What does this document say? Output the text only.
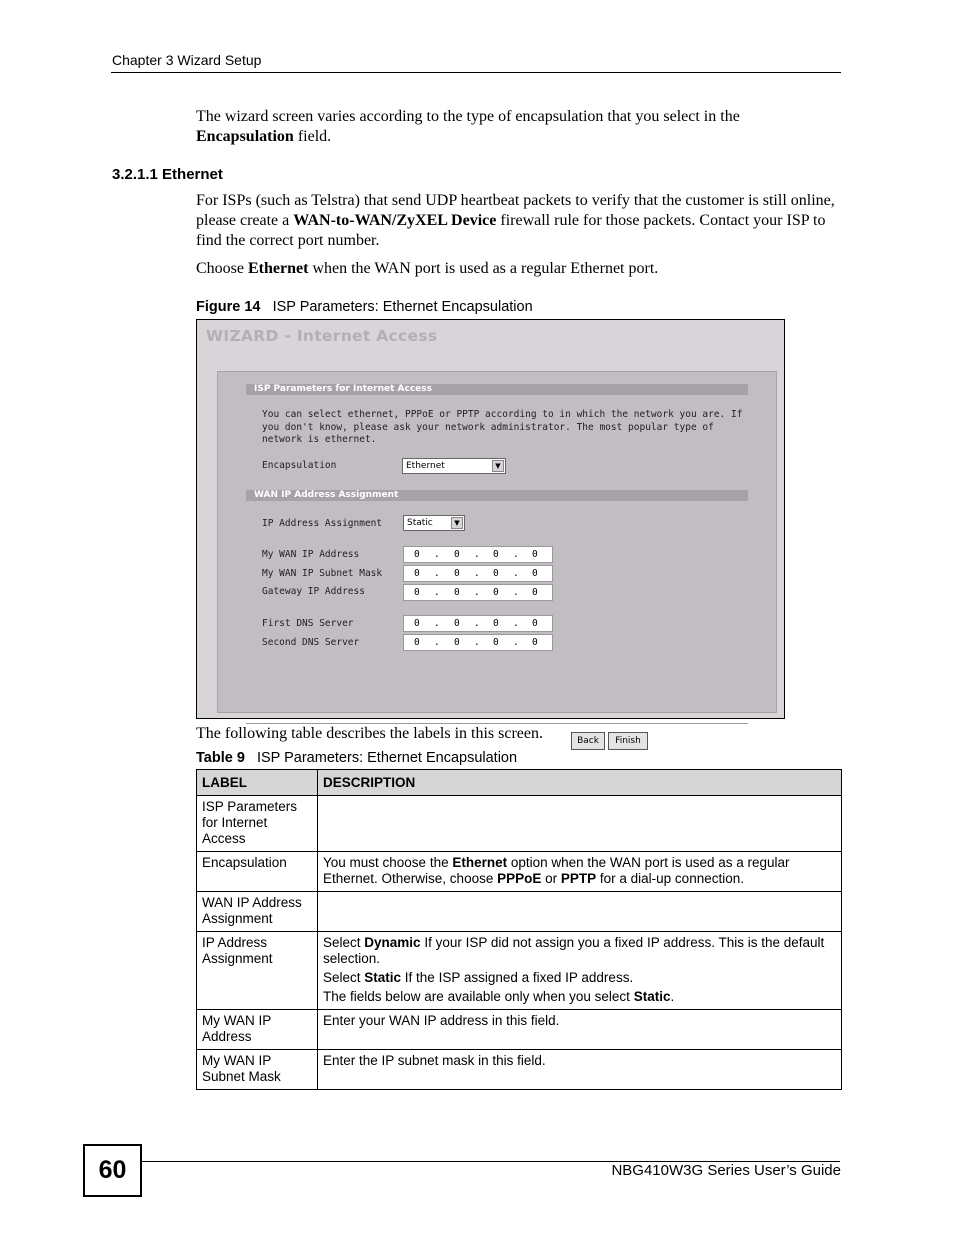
Chapter 3 Wizard Setup
The wizard screen varies according to the type of encapsulation that you select in the Encapsulation field.
3.2.1.1 Ethernet
For ISPs (such as Telstra) that send UDP heartbeat packets to verify that the customer is still online, please create a WAN-to-WAN/ZyXEL Device firewall rule for those packets. Contact your ISP to find the correct port number.
Choose Ethernet when the WAN port is used as a regular Ethernet port.
Figure 14 ISP Parameters: Ethernet Encapsulation
WIZARD - Internet Access
ISP Parameters for Internet Access
You can select ethernet, PPPoE or PPTP according to in which the network you are. If you don't know, please ask your network administrator. The most popular type of network is ethernet.
Encapsulation	Ethernet	▼
WAN IP Address Assignment
IP Address Assignment	Static	▼
My WAN IP Address	0 . 0 . 0 . 0
My WAN IP Subnet Mask	0 . 0 . 0 . 0
Gateway IP Address	0 . 0 . 0 . 0
First DNS Server	0 . 0 . 0 . 0
Second DNS Server	0 . 0 . 0 . 0
Back	Finish
The following table describes the labels in this screen.
Table 9 ISP Parameters: Ethernet Encapsulation
LABEL	DESCRIPTION
ISP Parameters for Internet Access	
Encapsulation	You must choose the Ethernet option when the WAN port is used as a regular Ethernet. Otherwise, choose PPPoE or PPTP for a dial-up connection.
WAN IP Address Assignment	
IP Address Assignment	Select Dynamic If your ISP did not assign you a fixed IP address. This is the default selection.

Select Static If the ISP assigned a fixed IP address.

The fields below are available only when you select Static.

My WAN IP Address	Enter your WAN IP address in this field.
My WAN IP Subnet Mask	Enter the IP subnet mask in this field.
60	NBG410W3G Series User’s Guide
